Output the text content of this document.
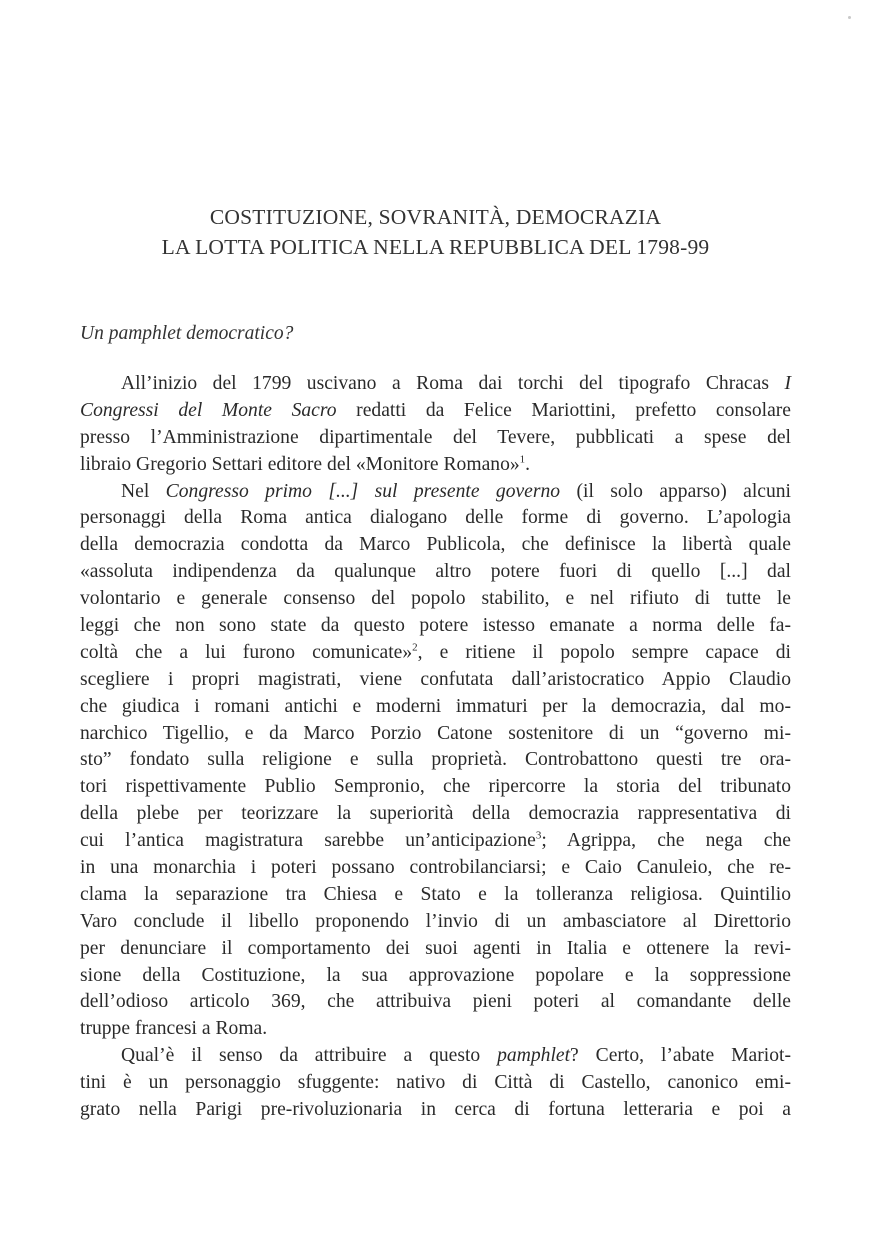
COSTITUZIONE, SOVRANITÀ, DEMOCRAZIA
LA LOTTA POLITICA NELLA REPUBBLICA DEL 1798-99
Un pamphlet democratico?
All’inizio del 1799 uscivano a Roma dai torchi del tipografo Chracas I
Congressi del Monte Sacro redatti da Felice Mariottini, prefetto consolare
presso l’Amministrazione dipartimentale del Tevere, pubblicati a spese del
libraio Gregorio Settari editore del «Monitore Romano»$^1$.
Nel Congresso primo [...] sul presente governo (il solo apparso) alcuni
personaggi della Roma antica dialogano delle forme di governo. L’apologia
della democrazia condotta da Marco Publicola, che definisce la libertà quale
«assoluta indipendenza da qualunque altro potere fuori di quello [...] dal
volontario e generale consenso del popolo stabilito, e nel rifiuto di tutte le
leggi che non sono state da questo potere istesso emanate a norma delle fa-
coltà che a lui furono comunicate»$^2$, e ritiene il popolo sempre capace di
scegliere i propri magistrati, viene confutata dall’aristocratico Appio Claudio
che giudica i romani antichi e moderni immaturi per la democrazia, dal mo-
narchico Tigellio, e da Marco Porzio Catone sostenitore di un “governo mi-
sto” fondato sulla religione e sulla proprietà. Controbattono questi tre ora-
tori rispettivamente Publio Sempronio, che ripercorre la storia del tribunato
della plebe per teorizzare la superiorità della democrazia rappresentativa di
cui l’antica magistratura sarebbe un’anticipazione$^3$; Agrippa, che nega che
in una monarchia i poteri possano controbilanciarsi; e Caio Canuleio, che re-
clama la separazione tra Chiesa e Stato e la tolleranza religiosa. Quintilio
Varo conclude il libello proponendo l’invio di un ambasciatore al Direttorio
per denunciare il comportamento dei suoi agenti in Italia e ottenere la revi-
sione della Costituzione, la sua approvazione popolare e la soppressione
dell’odioso articolo 369, che attribuiva pieni poteri al comandante delle
truppe francesi a Roma.
Qual’è il senso da attribuire a questo pamphlet? Certo, l’abate Mariot-
tini è un personaggio sfuggente: nativo di Città di Castello, canonico emi-
grato nella Parigi pre-rivoluzionaria in cerca di fortuna letteraria e poi a
